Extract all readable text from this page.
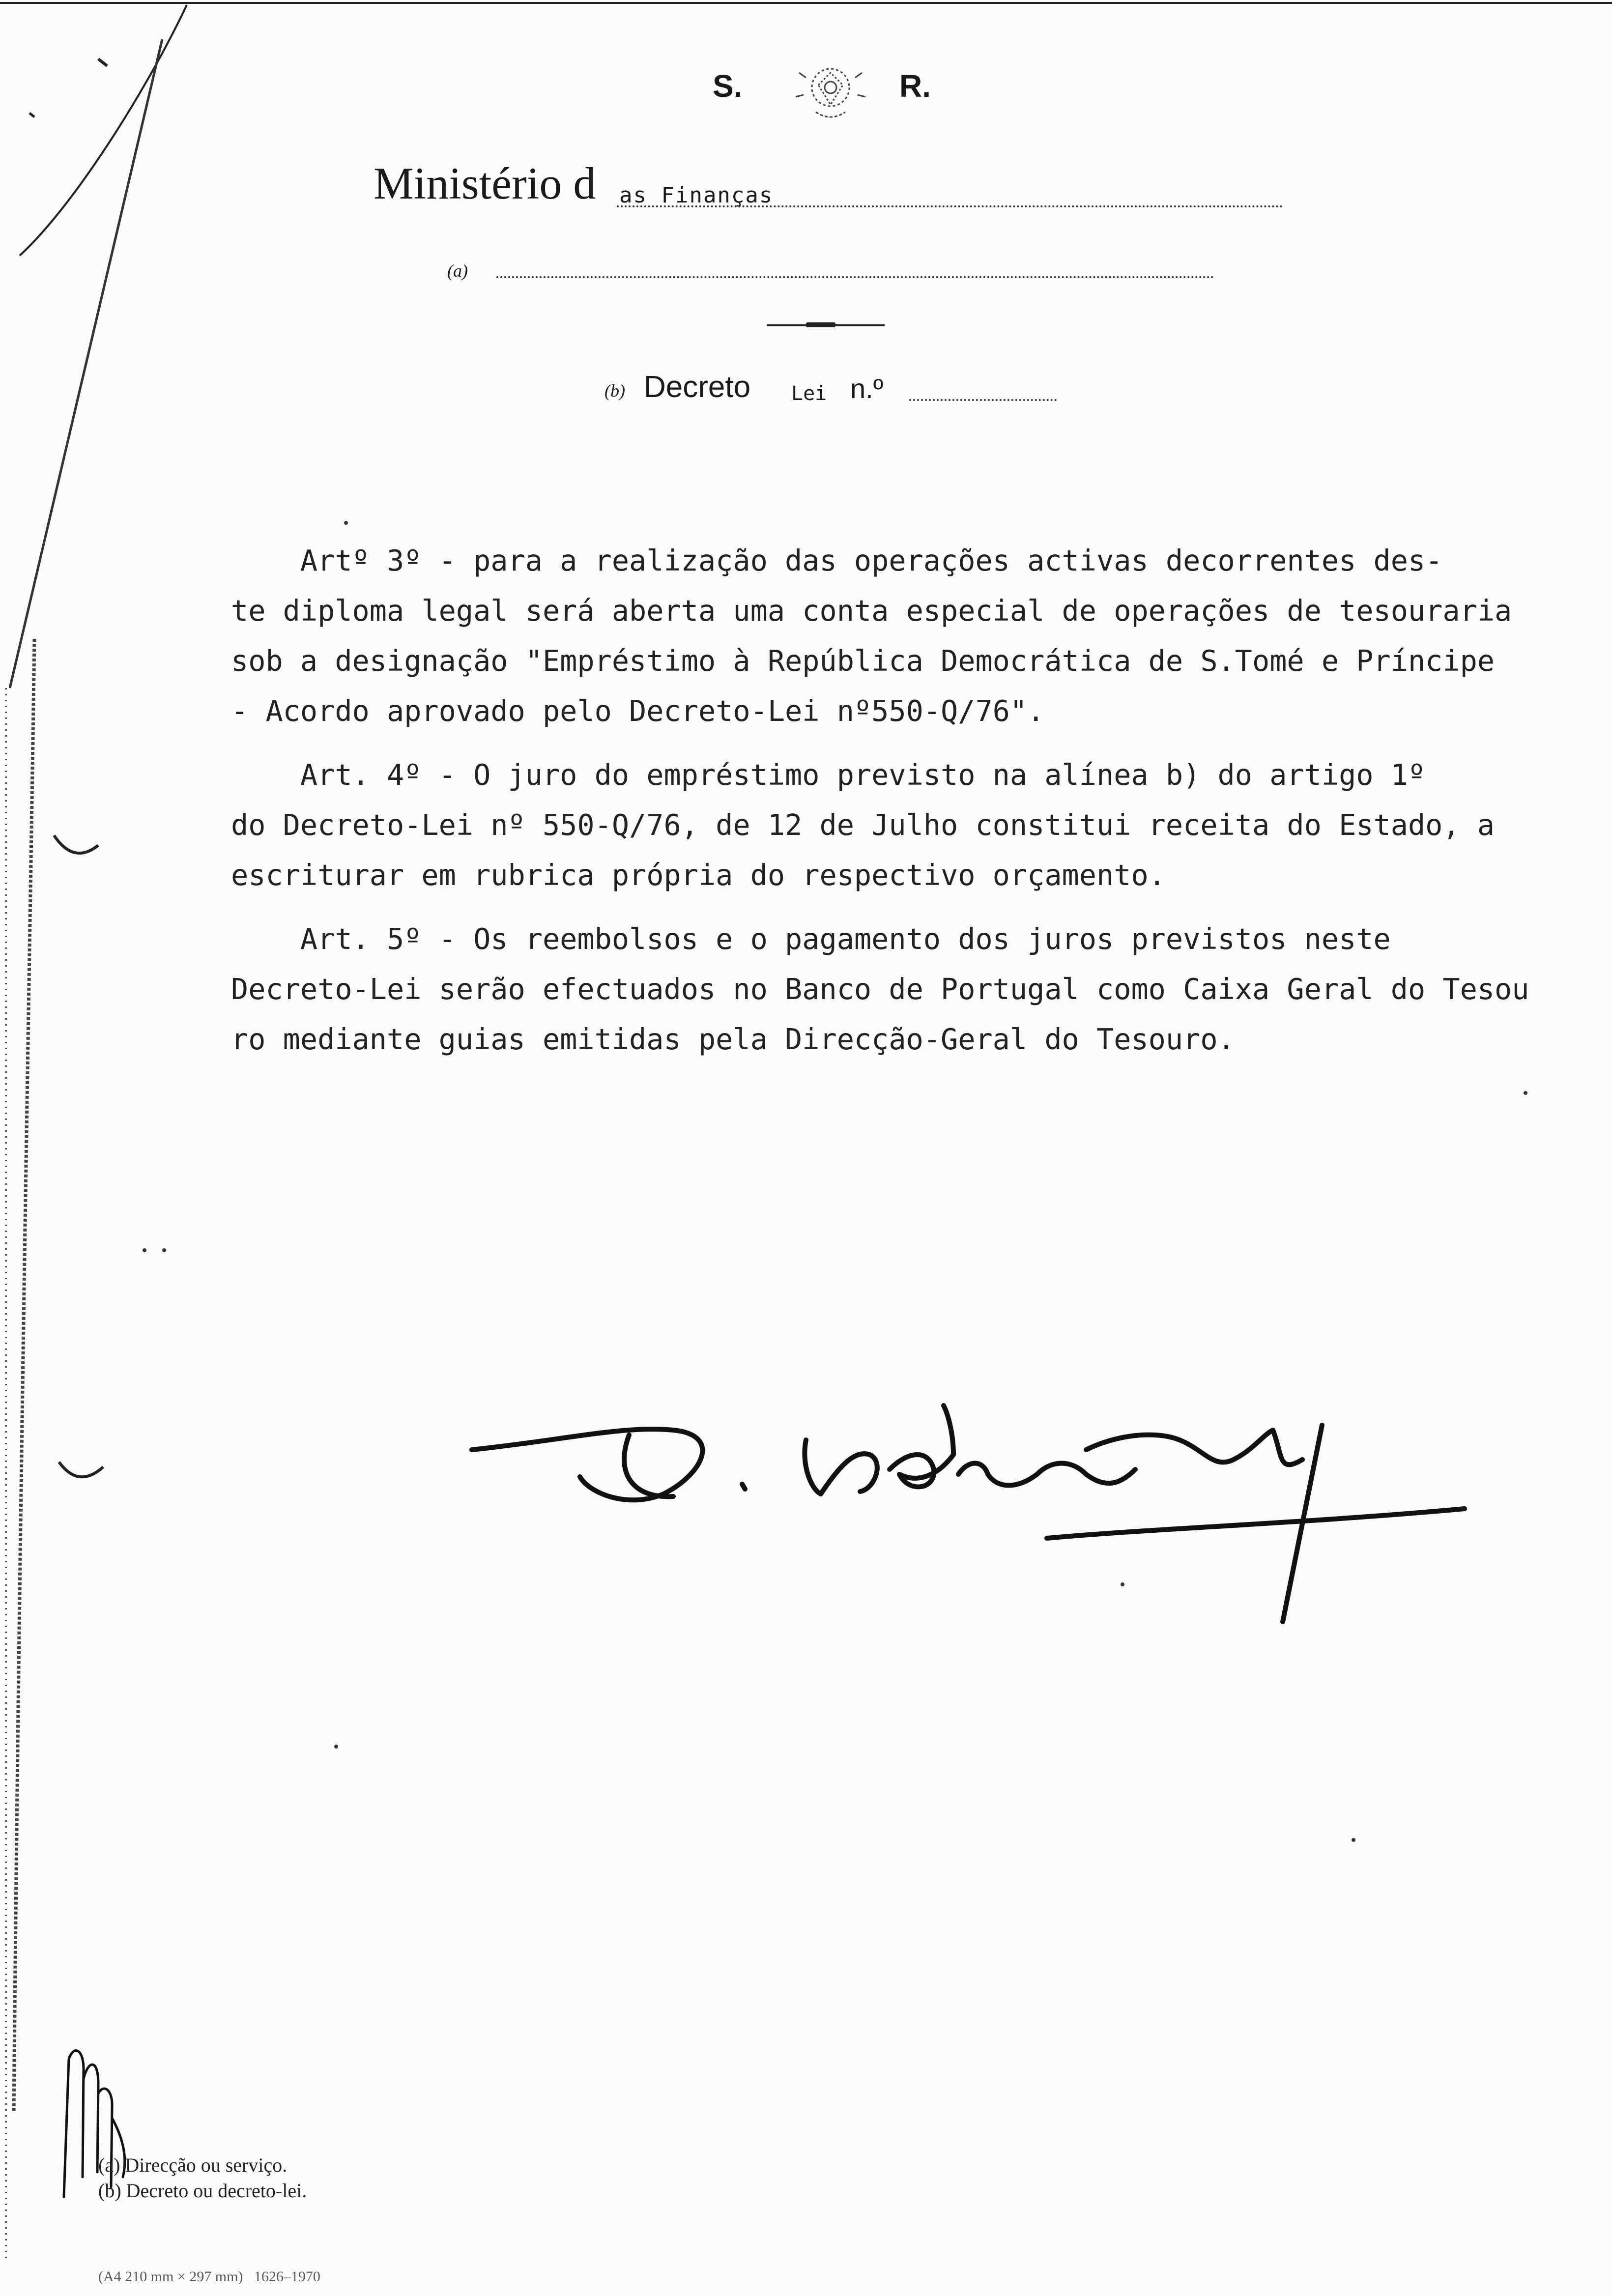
S.	R.
Ministério d as Finanças
(a)
(b) Decreto Lei n.º
Artº 3º - para a realização das operações activas decorrentes des-
te diploma legal será aberta uma conta especial de operações de tesouraria
sob a designação "Empréstimo à República Democrática de S.Tomé e Príncipe
- Acordo aprovado pelo Decreto-Lei nº550-Q/76".
Art. 4º - O juro do empréstimo previsto na alínea b) do artigo 1º
do Decreto-Lei nº 550-Q/76, de 12 de Julho constitui receita do Estado, a
escriturar em rubrica própria do respectivo orçamento.
Art. 5º - Os reembolsos e o pagamento dos juros previstos neste
Decreto-Lei serão efectuados no Banco de Portugal como Caixa Geral do Tesou
ro mediante guias emitidas pela Direcção-Geral do Tesouro.
(a) Direcção ou serviço.
(b) Decreto ou decreto-lei.
(A4 210 mm × 297 mm)   1626–1970
